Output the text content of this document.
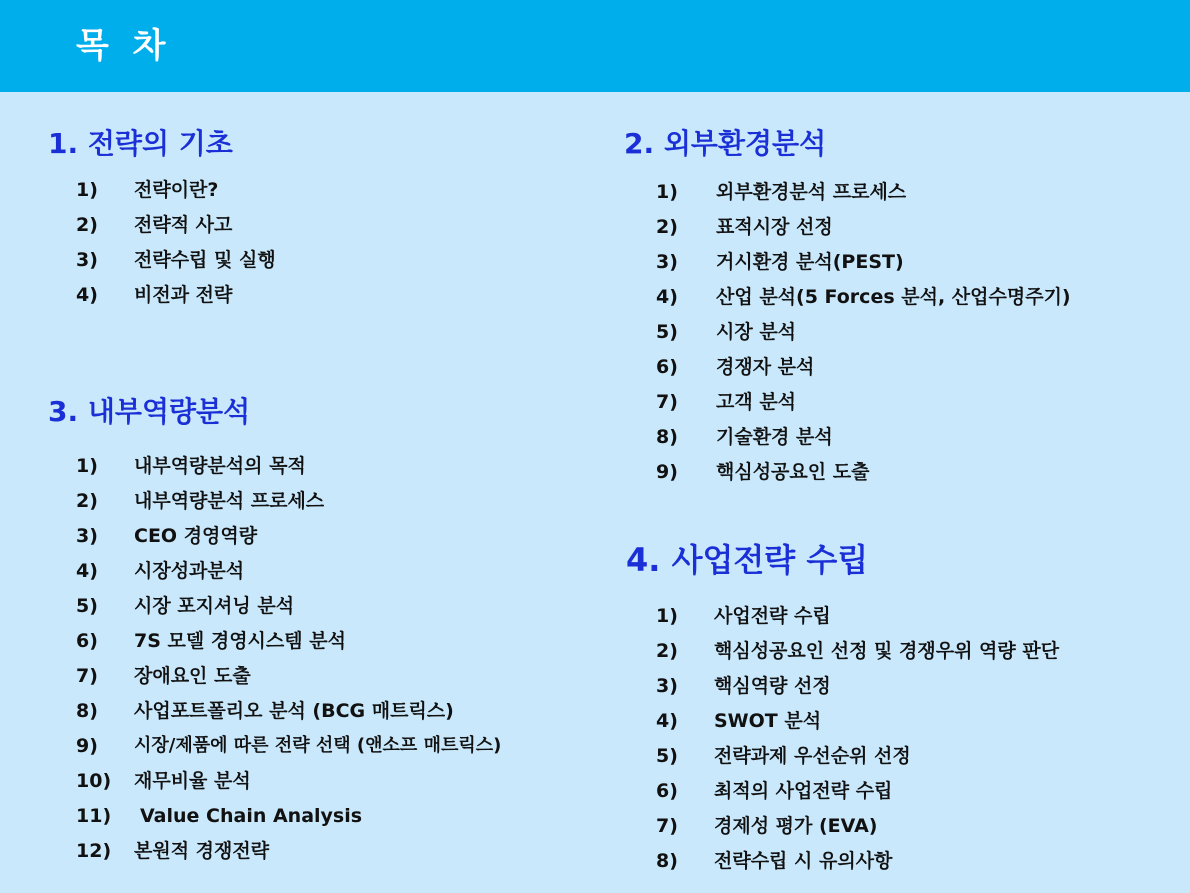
목 차
1. 전략의 기초
1) 전략이란?
2) 전략적 사고
3) 전략수립 및 실행
4) 비전과 전략
2. 외부환경분석
1) 외부환경분석 프로세스
2) 표적시장 선정
3) 거시환경 분석(PEST)
4) 산업 분석(5 Forces 분석, 산업수명주기)
5) 시장 분석
6) 경쟁자 분석
7) 고객 분석
8) 기술환경 분석
9) 핵심성공요인 도출
3. 내부역량분석
1) 내부역량분석의 목적
2) 내부역량분석 프로세스
3) CEO 경영역량
4) 시장성과분석
5) 시장 포지셔닝 분석
6) 7S 모델 경영시스템 분석
7) 장애요인 도출
8) 사업포트폴리오 분석 (BCG 매트릭스)
9) 시장/제품에 따른 전략 선택 (앤소프 매트릭스)
10) 재무비율 분석
11) Value Chain Analysis
12) 본원적 경쟁전략
4. 사업전략 수립
1) 사업전략 수립
2) 핵심성공요인 선정 및 경쟁우위 역량 판단
3) 핵심역량 선정
4) SWOT 분석
5) 전략과제 우선순위 선정
6) 최적의 사업전략 수립
7) 경제성 평가 (EVA)
8) 전략수립 시 유의사항
